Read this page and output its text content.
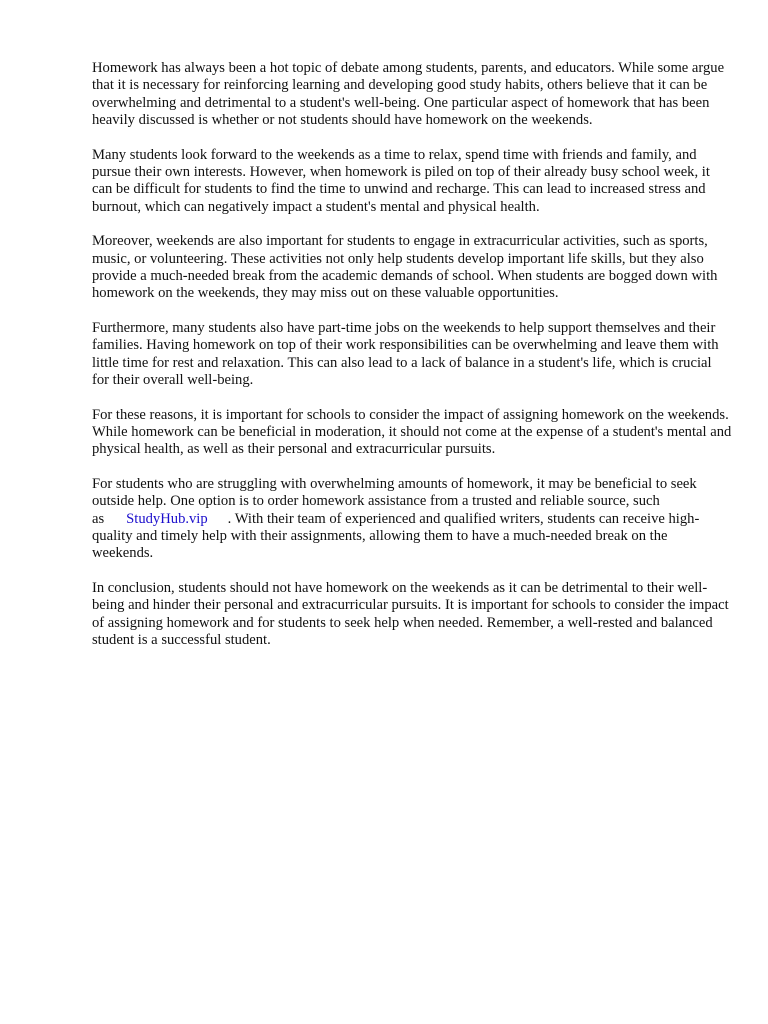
Homework has always been a hot topic of debate among students, parents, and educators. While some argue that it is necessary for reinforcing learning and developing good study habits, others believe that it can be overwhelming and detrimental to a student's well-being. One particular aspect of homework that has been heavily discussed is whether or not students should have homework on the weekends.

Many students look forward to the weekends as a time to relax, spend time with friends and family, and pursue their own interests. However, when homework is piled on top of their already busy school week, it can be difficult for students to find the time to unwind and recharge. This can lead to increased stress and burnout, which can negatively impact a student's mental and physical health.

Moreover, weekends are also important for students to engage in extracurricular activities, such as sports, music, or volunteering. These activities not only help students develop important life skills, but they also provide a much-needed break from the academic demands of school. When students are bogged down with homework on the weekends, they may miss out on these valuable opportunities.

Furthermore, many students also have part-time jobs on the weekends to help support themselves and their families. Having homework on top of their work responsibilities can be overwhelming and leave them with little time for rest and relaxation. This can also lead to a lack of balance in a student's life, which is crucial for their overall well-being.

For these reasons, it is important for schools to consider the impact of assigning homework on the weekends. While homework can be beneficial in moderation, it should not come at the expense of a student's mental and physical health, as well as their personal and extracurricular pursuits.

For students who are struggling with overwhelming amounts of homework, it may be beneficial to seek outside help. One option is to order homework assistance from a trusted and reliable source, such as StudyHub.vip . With their team of experienced and qualified writers, students can receive high-quality and timely help with their assignments, allowing them to have a much-needed break on the weekends.

In conclusion, students should not have homework on the weekends as it can be detrimental to their well-being and hinder their personal and extracurricular pursuits. It is important for schools to consider the impact of assigning homework and for students to seek help when needed. Remember, a well-rested and balanced student is a successful student.
